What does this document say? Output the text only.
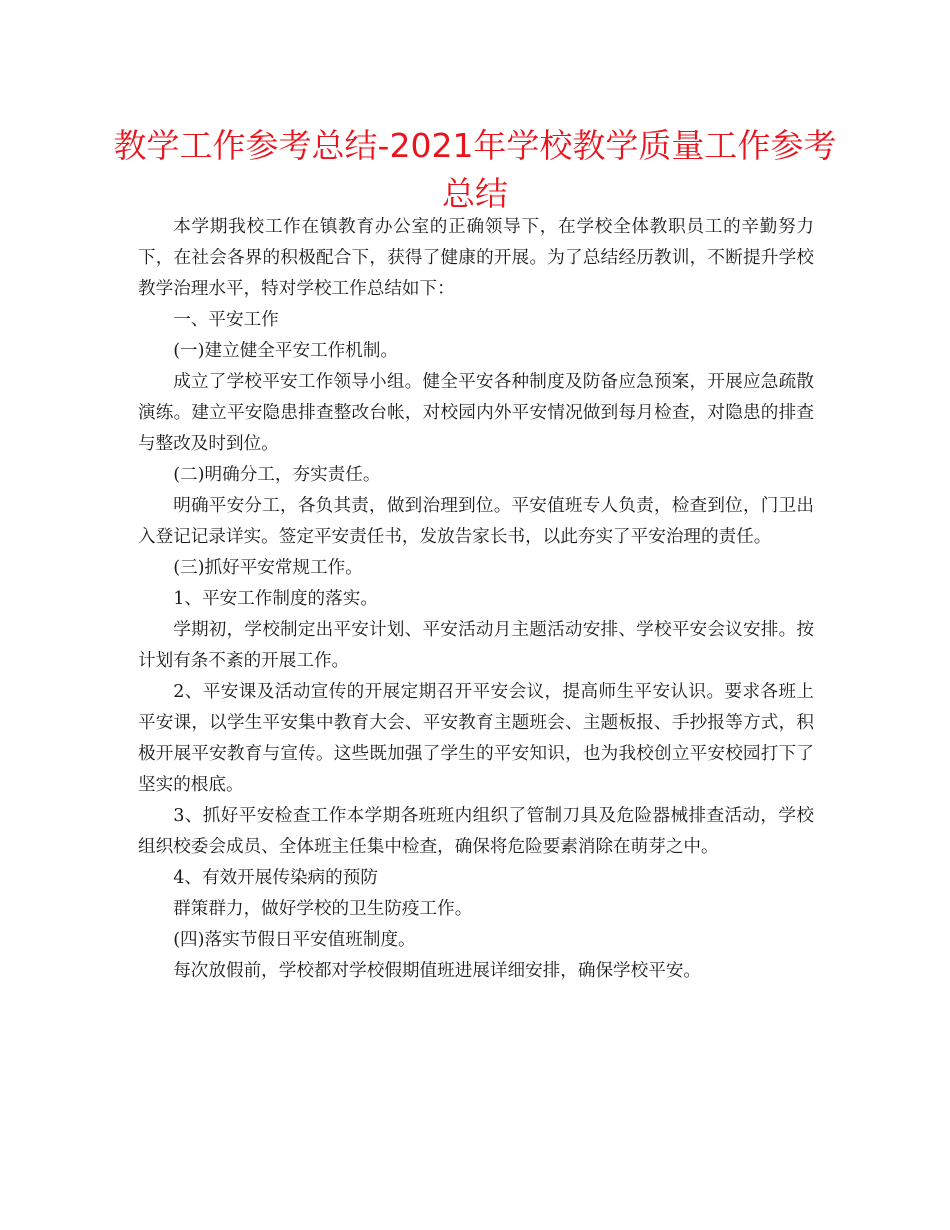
教学工作参考总结-2021年学校教学质量工作参考总结

本学期我校工作在镇教育办公室的正确领导下，在学校全体教职员工的辛勤努力下，在社会各界的积极配合下，获得了健康的开展。为了总结经历教训，不断提升学校教学治理水平，特对学校工作总结如下：

一、平安工作

(一)建立健全平安工作机制。

成立了学校平安工作领导小组。健全平安各种制度及防备应急预案，开展应急疏散演练。建立平安隐患排查整改台帐，对校园内外平安情况做到每月检查，对隐患的排查与整改及时到位。

(二)明确分工，夯实责任。

明确平安分工，各负其责，做到治理到位。平安值班专人负责，检查到位，门卫出入登记记录详实。签定平安责任书，发放告家长书，以此夯实了平安治理的责任。

(三)抓好平安常规工作。

1、平安工作制度的落实。

学期初，学校制定出平安计划、平安活动月主题活动安排、学校平安会议安排。按计划有条不紊的开展工作。

2、平安课及活动宣传的开展定期召开平安会议，提高师生平安认识。要求各班上平安课，以学生平安集中教育大会、平安教育主题班会、主题板报、手抄报等方式，积极开展平安教育与宣传。这些既加强了学生的平安知识，也为我校创立平安校园打下了坚实的根底。

3、抓好平安检查工作本学期各班班内组织了管制刀具及危险器械排查活动，学校组织校委会成员、全体班主任集中检查，确保将危险要素消除在萌芽之中。

4、有效开展传染病的预防

群策群力，做好学校的卫生防疫工作。

(四)落实节假日平安值班制度。

每次放假前，学校都对学校假期值班进展详细安排，确保学校平安。
